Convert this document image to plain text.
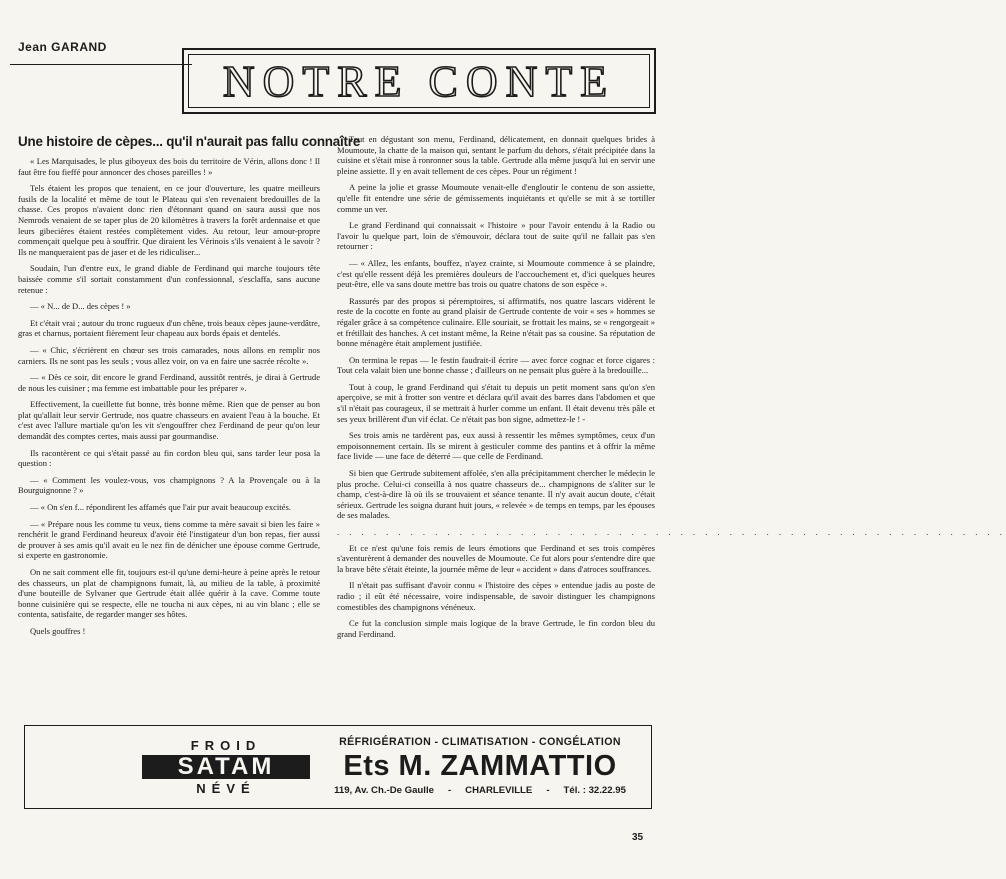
Jean GARAND
NOTRE CONTE
Une histoire de cèpes... qu'il n'aurait pas fallu connaître

« Les Marquisades, le plus giboyeux des bois du territoire de Vérin, allons donc ! Il faut être fou fieffé pour annoncer des choses pareilles ! »

Tels étaient les propos que tenaient, en ce jour d'ouverture, les quatre meilleurs fusils de la localité et même de tout le Plateau qui s'en revenaient bredouilles de la chasse. Ces propos n'avaient donc rien d'étonnant quand on saura aussi que nos Nemrods venaient de se taper plus de 20 kilomètres à travers la forêt ardennaise et que leurs gibecières étaient restées complètement vides. Au retour, leur amour-propre commençait quelque peu à souffrir. Que diraient les Vérinois s'ils venaient à le savoir ? Ils ne manqueraient pas de jaser et de les ridiculiser...

Soudain, l'un d'entre eux, le grand diable de Ferdinand qui marche toujours tête baissée comme s'il sortait constamment d'un confessionnal, s'esclaffa, sans aucune retenue :

— « N... de D... des cèpes ! »

Et c'était vrai ; autour du tronc rugueux d'un chêne, trois beaux cèpes jaune-verdâtre, gras et charnus, portaient fièrement leur chapeau aux bords épais et dentelés.

— « Chic, s'écrièrent en chœur ses trois camarades, nous allons en remplir nos carniers. Ils ne sont pas les seuls ; vous allez voir, on va en faire une sacrée récolte ».

— « Dès ce soir, dit encore le grand Ferdinand, aussitôt rentrés, je dirai à Gertrude de nous les cuisiner ; ma femme est imbattable pour les préparer ».

Effectivement, la cueillette fut bonne, très bonne même. Rien que de penser au bon plat qu'allait leur servir Gertrude, nos quatre chasseurs en avaient l'eau à la bouche. Et c'est avec l'allure martiale qu'on les vit s'engouffrer chez Ferdinand de peur qu'on leur demandât des comptes certes, mais aussi par gourmandise.

Ils racontèrent ce qui s'était passé au fin cordon bleu qui, sans tarder leur posa la question :

— « Comment les voulez-vous, vos champignons ? A la Provençale ou à la Bourguignonne ? »

— « On s'en f... répondirent les affamés que l'air pur avait beaucoup excités.

— « Prépare nous les comme tu veux, tiens comme ta mère savait si bien les faire » renchérit le grand Ferdinand heureux d'avoir été l'instigateur d'un bon repas, fier aussi de prouver à ses amis qu'il avait eu le nez fin de dénicher une épouse comme Gertrude, si experte en gastronomie.

On ne sait comment elle fit, toujours est-il qu'une demi-heure à peine après le retour des chasseurs, un plat de champignons fumait, là, au milieu de la table, à proximité d'une bouteille de Sylvaner que Gertrude était allée quérir à la cave. Comme toute bonne cuisinière qui se respecte, elle ne toucha ni aux cèpes, ni au vin blanc ; elle se contenta, satisfaite, de regarder manger ses hôtes.

Quels gouffres !

Tout en dégustant son menu, Ferdinand, délicatement, en donnait quelques brides à Moumoute, la chatte de la maison qui, sentant le parfum du dehors, s'était précipitée dans la cuisine et s'était mise à ronronner sous la table. Gertrude alla même jusqu'à lui en servir une pleine assiette. Il y en avait tellement de ces cèpes. Pour un régiment !

A peine la jolie et grasse Moumoute venait-elle d'engloutir le contenu de son assiette, qu'elle fit entendre une série de gémissements inquiétants et qu'elle se mit à se tortiller comme un ver.

Le grand Ferdinand qui connaissait « l'histoire » pour l'avoir entendu à la Radio ou l'avoir lu quelque part, loin de s'émouvoir, déclara tout de suite qu'il ne fallait pas s'en retourner :

— « Allez, les enfants, bouffez, n'ayez crainte, si Moumoute commence à se plaindre, c'est qu'elle ressent déjà les premières douleurs de l'accouchement et, d'ici quelques heures peut-être, elle va sans doute mettre bas trois ou quatre chatons de son espèce ».

Rassurés par des propos si péremptoires, si affirmatifs, nos quatre lascars vidèrent le reste de la cocotte en fonte au grand plaisir de Gertrude contente de voir « ses » hommes se régaler grâce à sa compétence culinaire. Elle souriait, se frottait les mains, se « rengorgeait » et frétillait des hanches. A cet instant même, la Reine n'était pas sa cousine. Sa réputation de bonne ménagère était amplement justifiée.

On termina le repas — le festin faudrait-il écrire — avec force cognac et force cigares : Tout cela valait bien une bonne chasse ; d'ailleurs on ne pensait plus guère à la bredouille...

Tout à coup, le grand Ferdinand qui s'était tu depuis un petit moment sans qu'on s'en aperçoive, se mit à frotter son ventre et déclara qu'il avait des barres dans l'abdomen et que s'il n'était pas courageux, il se mettrait à hurler comme un enfant. Il était devenu très pâle et ses yeux brillèrent d'un vif éclat. Ce n'était pas bon signe, admettez-le ! -

Ses trois amis ne tardèrent pas, eux aussi à ressentir les mêmes symptômes, ceux d'un empoisonnement certain. Ils se mirent à gesticuler comme des pantins et à offrir la même face livide — une face de déterré — que celle de Ferdinand.

Si bien que Gertrude subitement affolée, s'en alla précipitamment chercher le médecin le plus proche. Celui-ci conseilla à nos quatre chasseurs de... champignons de s'aliter sur le champ, c'est-à-dire là où ils se trouvaient et séance tenante. Il n'y avait aucun doute, c'était sérieux. Gertrude les soigna durant huit jours, « relevée » de temps en temps, par les épouses de ses malades.

. . . . . . . . . . . . . . . . . . . . . . . . . . . . . . . . . . . . . . . . . . . . . . . . . . . . . . .

Et ce n'est qu'une fois remis de leurs émotions que Ferdinand et ses trois compères s'aventurèrent à demander des nouvelles de Moumoute. Ce fut alors pour s'entendre dire que la brave bête s'était éteinte, la journée même de leur « accident » dans d'atroces souffrances.

Il n'était pas suffisant d'avoir connu « l'histoire des cèpes » entendue jadis au poste de radio ; il eût été nécessaire, voire indispensable, de savoir distinguer les champignons comestibles des champignons vénéneux.

Ce fut la conclusion simple mais logique de la brave Gertrude, le fin cordon bleu du grand Ferdinand.

FROID
SATAM
NÉVÉ
RÉFRIGÉRATION - CLIMATISATION - CONGÉLATION
Ets M. ZAMMATTIO
119, Av. Ch.-De Gaulle - CHARLEVILLE - Tél. : 32.22.95
35
